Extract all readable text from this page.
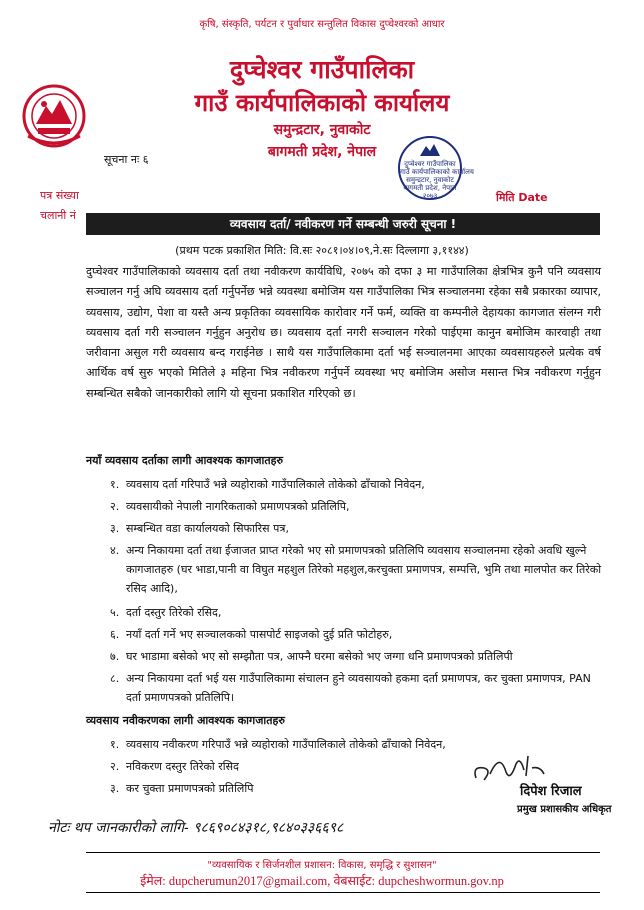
कृषि, संस्कृति, पर्यटन र पुर्वाधार सन्तुलित विकास दुप्चेश्वरको आधार
दुप्चेश्वर गाउँपालिका
गाउँ कार्यपालिकाको कार्यालय
समुन्द्रटार, नुवाकोट
बागमती प्रदेश, नेपाल
सूचना नः ६	दुप्चेश्वर गाउँपालिका
गाउँ कार्यपालिकाको कार्यालय
समुन्द्रटार, नुवाकोट
बागमती प्रदेश, नेपाल
२०७३
पत्र संख्या
चलानी नं
मिति Date
व्यवसाय दर्ता/ नवीकरण गर्ने सम्बन्धी जरुरी सूचना !
(प्रथम पटक प्रकाशित मिति: वि.सः २०८१।०४।०९,ने.सः दिल्लागा ३,११४४)
दुप्चेश्वर गाउँपालिकाको व्यवसाय दर्ता तथा नवीकरण कार्यविधि, २०७५ को दफा ३ मा गाउँपालिका क्षेत्रभित्र कुनै पनि व्यवसाय सञ्चालन गर्नु अघि व्यवसाय दर्ता गर्नुपर्नेछ भन्ने व्यवस्था बमोजिम यस गाउँपालिका भित्र सञ्चालनमा रहेका सबै प्रकारका व्यापार, व्यवसाय, उद्योग, पेशा वा यस्तै अन्य प्रकृतिका व्यवसायिक कारोवार गर्ने फर्म, व्यक्ति वा कम्पनीले देहायका कागजात संलग्न गरी व्यवसाय दर्ता गरी सञ्चालन गर्नुहुन अनुरोध छ। व्यवसाय दर्ता नगरी सञ्चालन गरेको पाईएमा कानुन बमोजिम कारवाही तथा जरीवाना असुल गरी व्यवसाय बन्द गराईनेछ । साथै यस गाउँपालिकामा दर्ता भई सञ्चालनमा आएका व्यवसायहरुले प्रत्येक वर्ष आर्थिक वर्ष सुरु भएको मितिले ३ महिना भित्र नवीकरण गर्नुपर्ने व्यवस्था भए बमोजिम असोज मसान्त भित्र नवीकरण गर्नुहुन सम्बन्धित सबैको जानकारीको लागि यो सूचना प्रकाशित गरिएको छ।
नयाँ व्यवसाय दर्ताका लागी आवश्यक कागजातहरु
१. व्यवसाय दर्ता गरिपाउँ भन्ने व्यहोराको गाउँपालिकाले तोकेको ढाँचाको निवेदन,
२. व्यवसायीको नेपाली नागरिकताको प्रमाणपत्रको प्रतिलिपि,
३. सम्बन्धित वडा कार्यालयको सिफारिस पत्र,
४. अन्य निकायमा दर्ता तथा ईजाजत प्राप्त गरेको भए सो प्रमाणपत्रको प्रतिलिपि व्यवसाय सञ्चालनमा रहेको अवधि खुल्ने कागजातहरु (घर भाडा,पानी वा विघुत महशुल तिरेको महशुल,करचुक्ता प्रमाणपत्र, सम्पत्ति, भुमि तथा मालपोत कर तिरेको रसिद आदि),
५. दर्ता दस्तुर तिरेको रसिद,
६. नयाँ दर्ता गर्ने भए सञ्चालकको पासपोर्ट साइजको दुई प्रति फोटोहरु,
७. घर भाडामा बसेको भए सो सम्झौता पत्र, आफ्नै घरमा बसेको भए जग्गा धनि प्रमाणपत्रको प्रतिलिपी
८. अन्य निकायमा दर्ता भई यस गाउँपालिकामा संचालन हुने व्यवसायको हकमा दर्ता प्रमाणपत्र, कर चुक्ता प्रमाणपत्र, PAN दर्ता प्रमाणपत्रको प्रतिलिपि।
व्यवसाय नवीकरणका लागी आवश्यक कागजातहरु
१. व्यवसाय नवीकरण गरिपाउँ भन्ने व्यहोराको गाउँपालिकाले तोकेको ढाँचाको निवेदन,
२. नविकरण दस्तुर तिरेको रसिद
३. कर चुक्ता प्रमाणपत्रको प्रतिलिपि	दिपेश रिजाल
प्रमुख प्रशासकीय अधिकृत
नोटः थप जानकारीको लागि- ९८६९०८४३१८,९८४०३३६६९८
"व्यवसायिक र सिर्जनशील प्रशासन: विकास, समृद्धि र सुशासन"
ईमेल: dupcherumun2017@gmail.com, वेबसाईट: dupcheshwormun.gov.np
